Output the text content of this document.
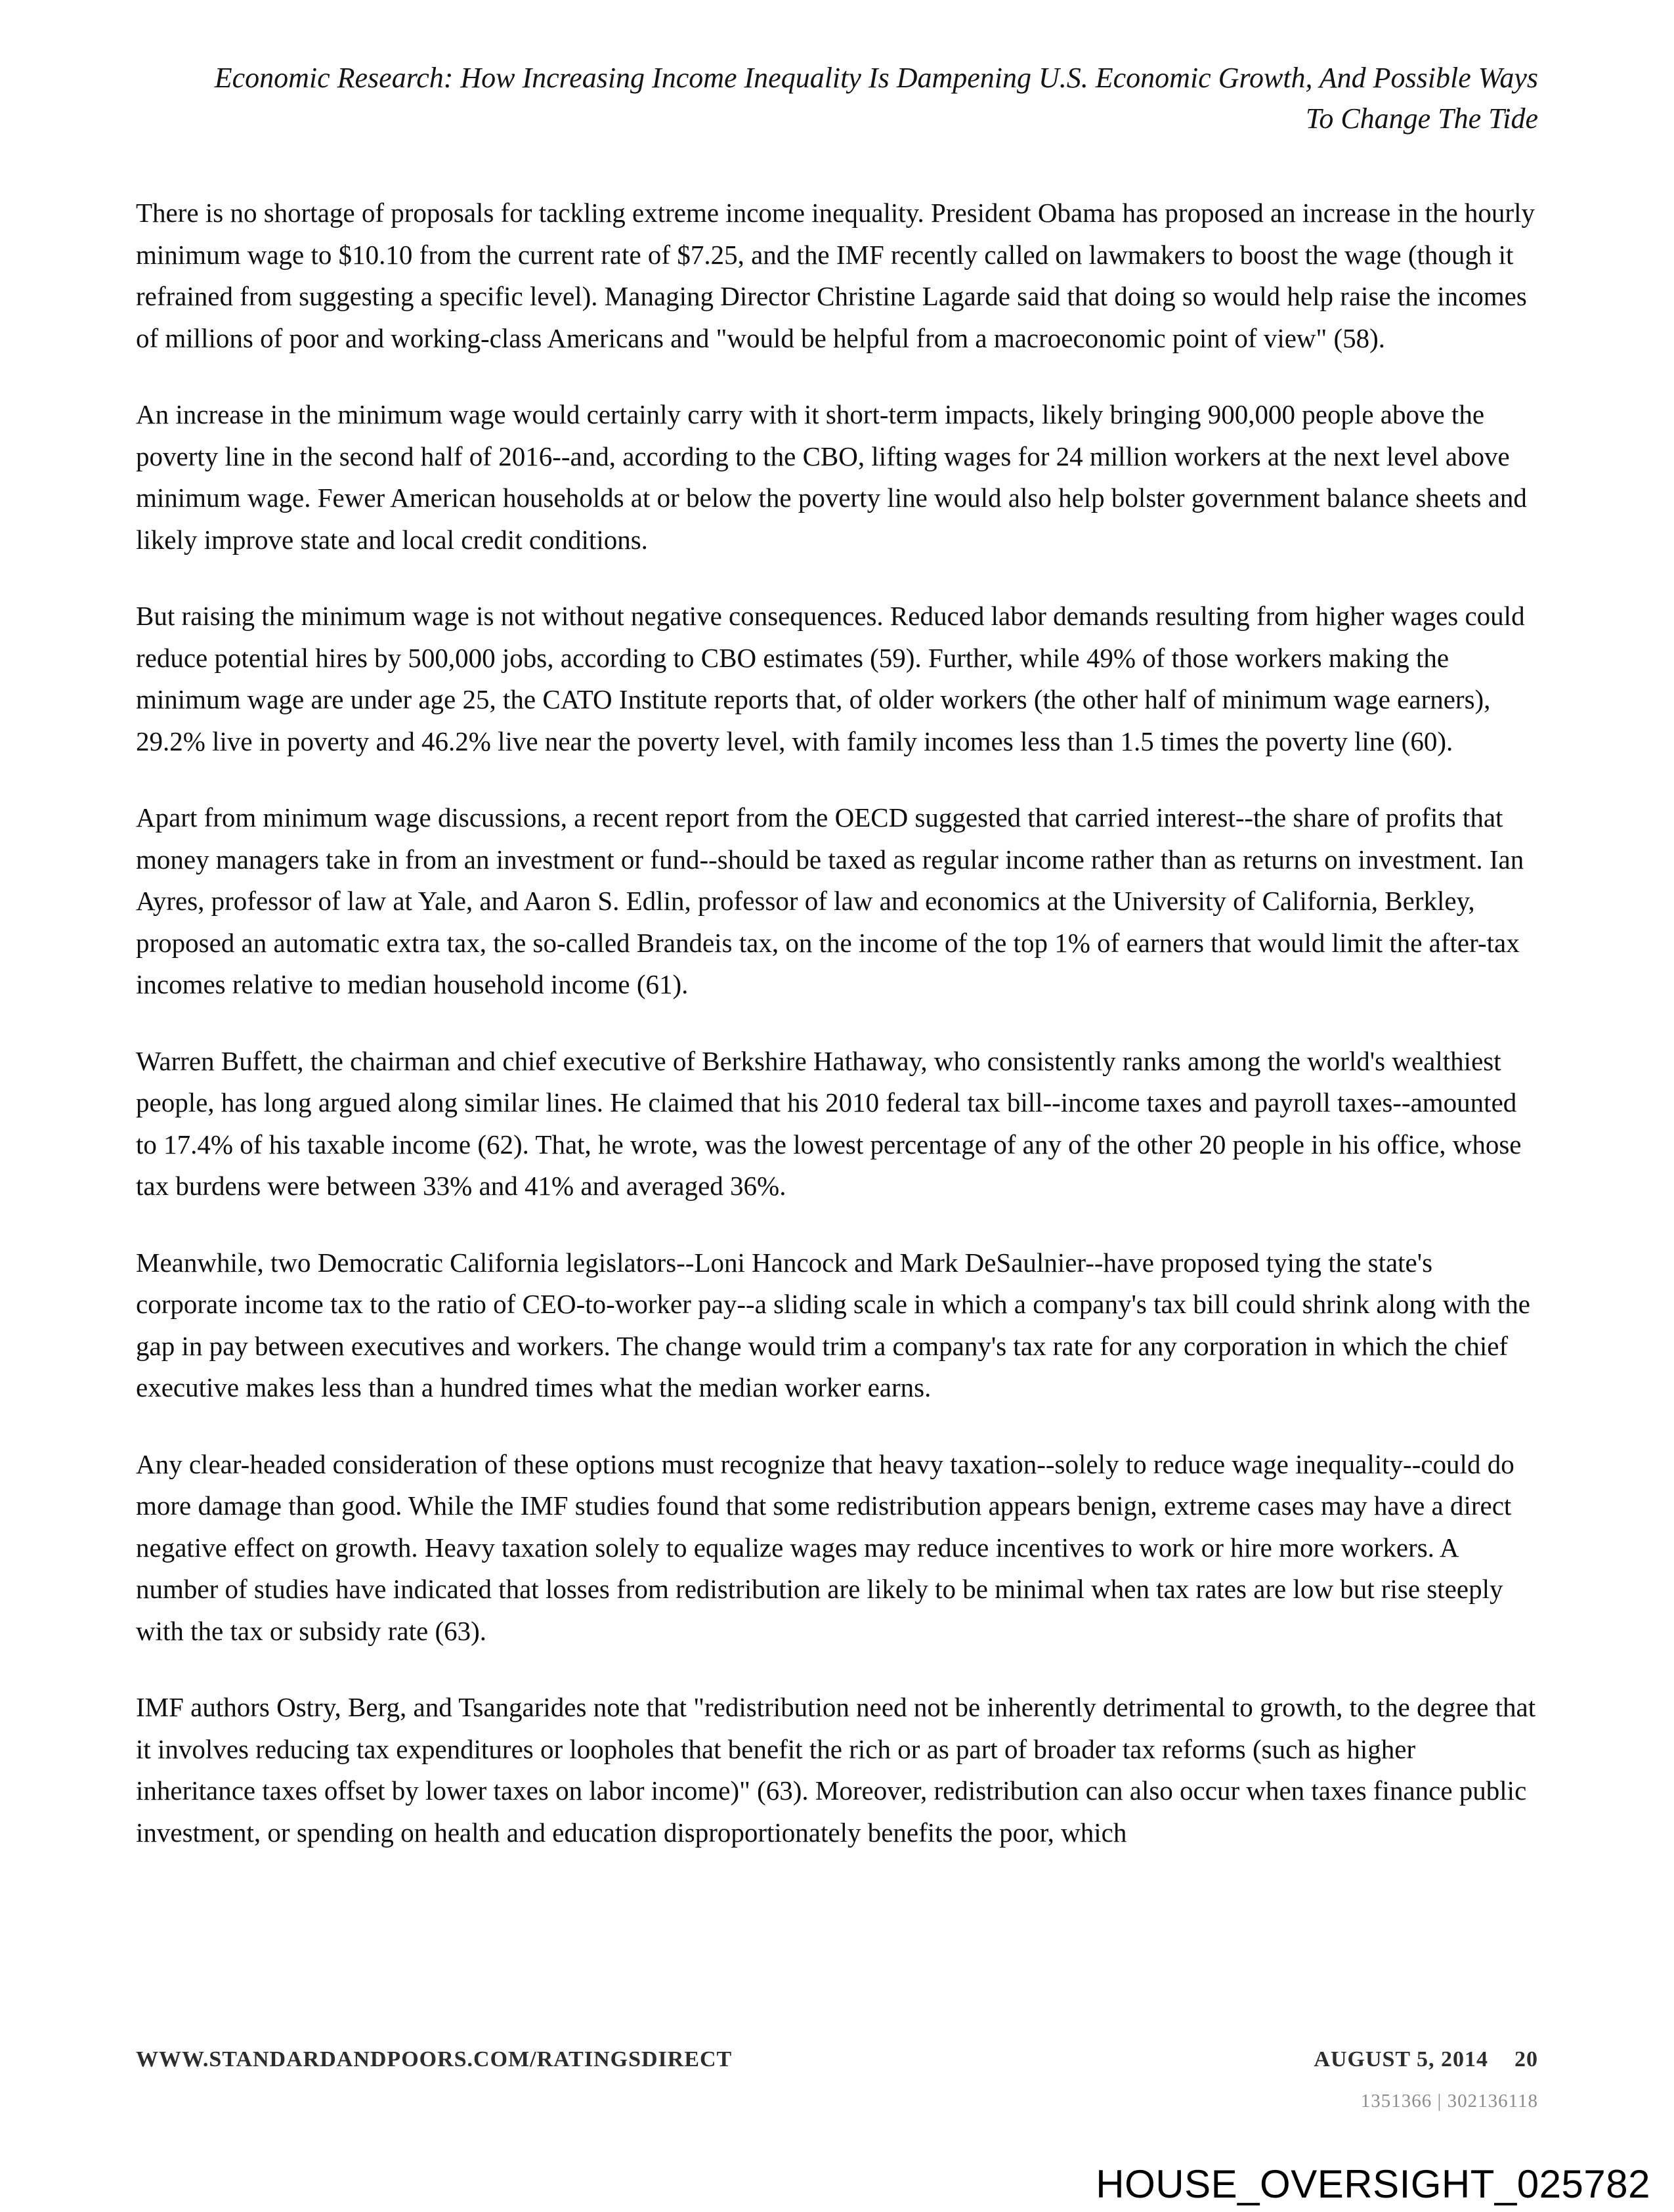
Economic Research: How Increasing Income Inequality Is Dampening U.S. Economic Growth, And Possible Ways
To Change The Tide

There is no shortage of proposals for tackling extreme income inequality. President Obama has proposed an increase in the hourly minimum wage to $10.10 from the current rate of $7.25, and the IMF recently called on lawmakers to boost the wage (though it refrained from suggesting a specific level). Managing Director Christine Lagarde said that doing so would help raise the incomes of millions of poor and working-class Americans and "would be helpful from a macroeconomic point of view" (58).

An increase in the minimum wage would certainly carry with it short-term impacts, likely bringing 900,000 people above the poverty line in the second half of 2016--and, according to the CBO, lifting wages for 24 million workers at the next level above minimum wage. Fewer American households at or below the poverty line would also help bolster government balance sheets and likely improve state and local credit conditions.

But raising the minimum wage is not without negative consequences. Reduced labor demands resulting from higher wages could reduce potential hires by 500,000 jobs, according to CBO estimates (59). Further, while 49% of those workers making the minimum wage are under age 25, the CATO Institute reports that, of older workers (the other half of minimum wage earners), 29.2% live in poverty and 46.2% live near the poverty level, with family incomes less than 1.5 times the poverty line (60).

Apart from minimum wage discussions, a recent report from the OECD suggested that carried interest--the share of profits that money managers take in from an investment or fund--should be taxed as regular income rather than as returns on investment. Ian Ayres, professor of law at Yale, and Aaron S. Edlin, professor of law and economics at the University of California, Berkley, proposed an automatic extra tax, the so-called Brandeis tax, on the income of the top 1% of earners that would limit the after-tax incomes relative to median household income (61).

Warren Buffett, the chairman and chief executive of Berkshire Hathaway, who consistently ranks among the world's wealthiest people, has long argued along similar lines. He claimed that his 2010 federal tax bill--income taxes and payroll taxes--amounted to 17.4% of his taxable income (62). That, he wrote, was the lowest percentage of any of the other 20 people in his office, whose tax burdens were between 33% and 41% and averaged 36%.

Meanwhile, two Democratic California legislators--Loni Hancock and Mark DeSaulnier--have proposed tying the state's corporate income tax to the ratio of CEO-to-worker pay--a sliding scale in which a company's tax bill could shrink along with the gap in pay between executives and workers. The change would trim a company's tax rate for any corporation in which the chief executive makes less than a hundred times what the median worker earns.

Any clear-headed consideration of these options must recognize that heavy taxation--solely to reduce wage inequality--could do more damage than good. While the IMF studies found that some redistribution appears benign, extreme cases may have a direct negative effect on growth. Heavy taxation solely to equalize wages may reduce incentives to work or hire more workers. A number of studies have indicated that losses from redistribution are likely to be minimal when tax rates are low but rise steeply with the tax or subsidy rate (63).

IMF authors Ostry, Berg, and Tsangarides note that "redistribution need not be inherently detrimental to growth, to the degree that it involves reducing tax expenditures or loopholes that benefit the rich or as part of broader tax reforms (such as higher inheritance taxes offset by lower taxes on labor income)" (63). Moreover, redistribution can also occur when taxes finance public investment, or spending on health and education disproportionately benefits the poor, which

WWW.STANDARDANDPOORS.COM/RATINGSDIRECT	AUGUST 5, 2014 20
1351366 | 302136118
HOUSE_OVERSIGHT_025782
